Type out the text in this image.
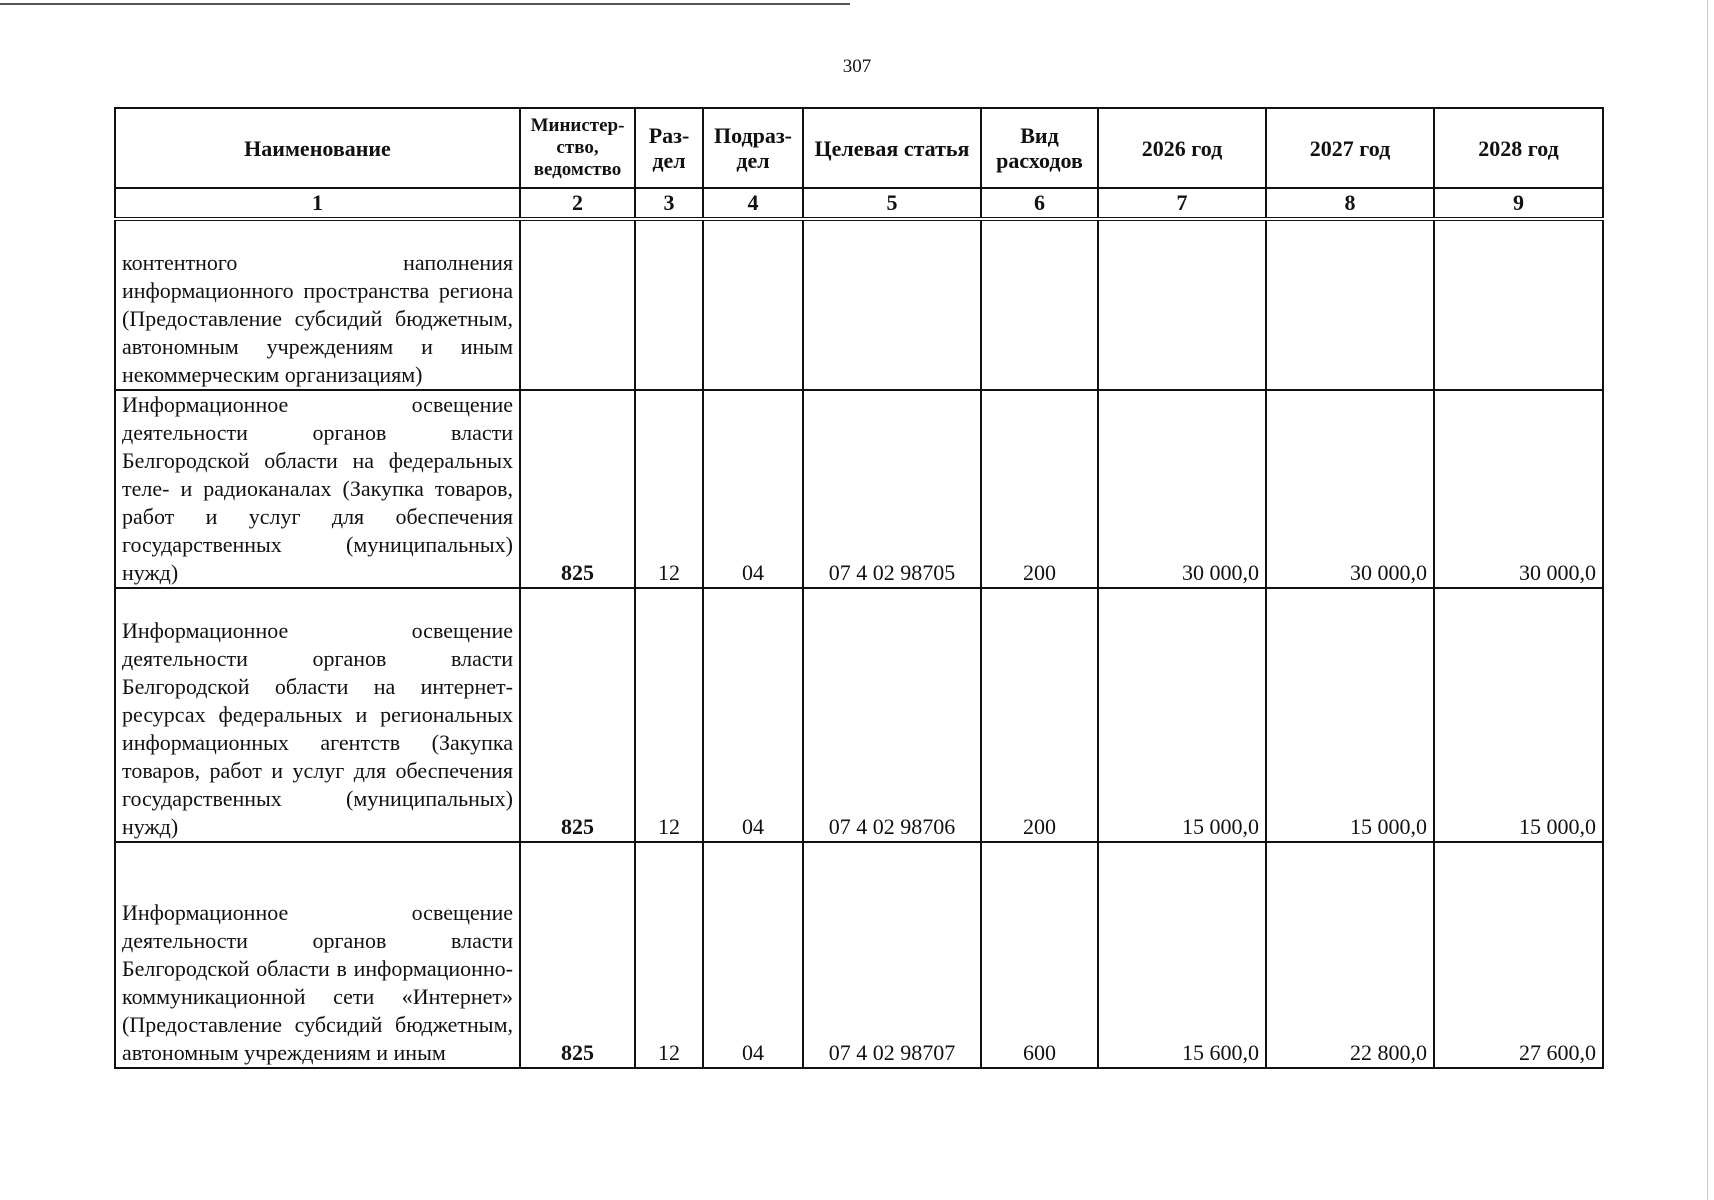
307
Наименование	Министер-ство, ведомство	Раз-дел	Подраз-дел	Целевая статья	Вид расходов	2026 год	2027 год	2028 год
1	2	3	4	5	6	7	8	9
контентного наполнения информационного пространства региона (Предоставление субсидий бюджетным, автономным учреждениям и иным некоммерческим организациям)								
Информационное освещение деятельности органов власти Белгородской области на федеральных теле- и радиоканалах (Закупка товаров, работ и услуг для обеспечения государственных (муниципальных) нужд)	825	12	04	07 4 02 98705	200	30 000,0	30 000,0	30 000,0
Информационное освещение деятельности органов власти Белгородской области на интернет-ресурсах федеральных и региональных информационных агентств (Закупка товаров, работ и услуг для обеспечения государственных (муниципальных) нужд)	825	12	04	07 4 02 98706	200	15 000,0	15 000,0	15 000,0
Информационное освещение деятельности органов власти Белгородской области в информационно-коммуникационной сети «Интернет» (Предоставление субсидий бюджетным, автономным учреждениям и иным	825	12	04	07 4 02 98707	600	15 600,0	22 800,0	27 600,0
